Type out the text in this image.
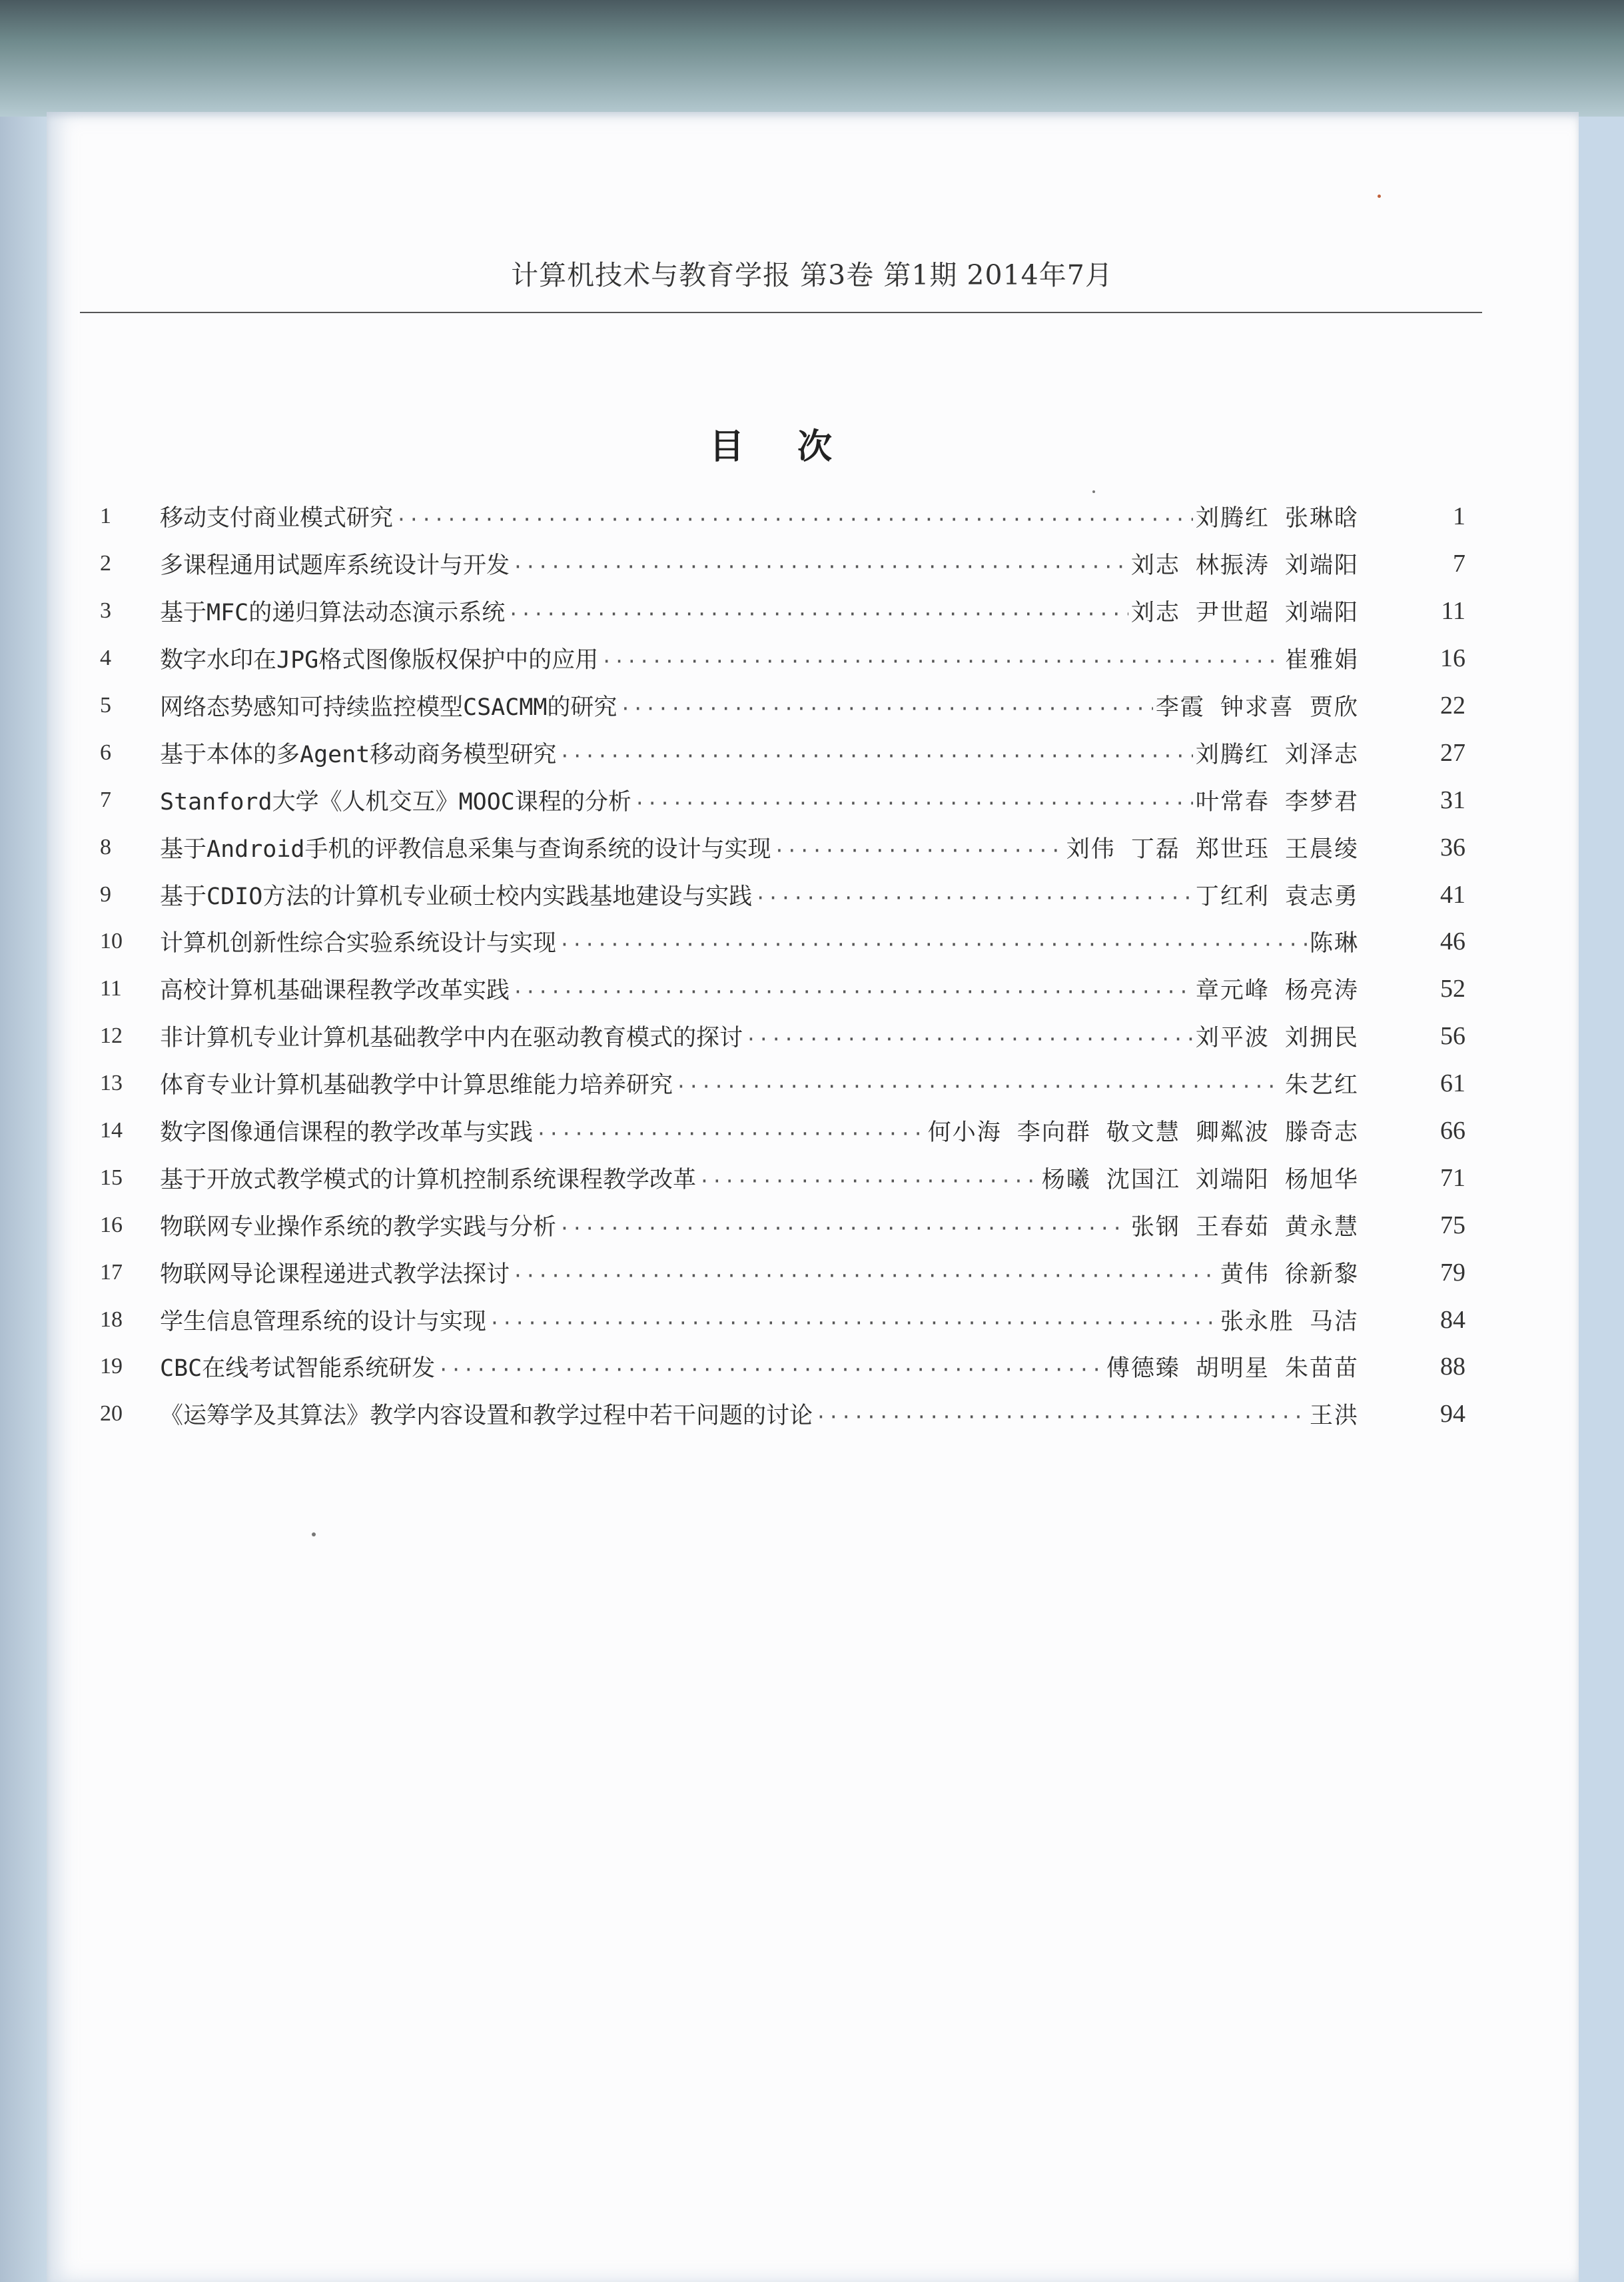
计算机技术与教育学报 第3卷 第1期 2014年7月
目次
1	移动支付商业模式研究 ·····	刘腾红 张琳晗	1
2	多课程通用试题库系统设计与开发 ·····	刘志 林振涛 刘端阳	7
3	基于MFC的递归算法动态演示系统 ·····	刘志 尹世超 刘端阳	11
4	数字水印在JPG格式图像版权保护中的应用 ·····	崔雅娟	16
5	网络态势感知可持续监控模型CSACMM的研究 ·····	李霞 钟求喜 贾欣	22
6	基于本体的多Agent移动商务模型研究 ·····	刘腾红 刘泽志	27
7	Stanford大学《人机交互》MOOC课程的分析 ·····	叶常春 李梦君	31
8	基于Android手机的评教信息采集与查询系统的设计与实现 ·····	刘伟 丁磊 郑世珏 王晨绫	36
9	基于CDIO方法的计算机专业硕士校内实践基地建设与实践 ·····	丁红利 袁志勇	41
10	计算机创新性综合实验系统设计与实现 ·····	陈琳	46
11	高校计算机基础课程教学改革实践 ·····	章元峰 杨亮涛	52
12	非计算机专业计算机基础教学中内在驱动教育模式的探讨 ·····	刘平波 刘拥民	56
13	体育专业计算机基础教学中计算思维能力培养研究 ·····	朱艺红	61
14	数字图像通信课程的教学改革与实践 ·····	何小海 李向群 敬文慧 卿粼波 滕奇志	66
15	基于开放式教学模式的计算机控制系统课程教学改革 ·····	杨曦 沈国江 刘端阳 杨旭华	71
16	物联网专业操作系统的教学实践与分析 ·····	张钢 王春茹 黄永慧	75
17	物联网导论课程递进式教学法探讨 ·····	黄伟 徐新黎	79
18	学生信息管理系统的设计与实现 ·····	张永胜 马洁	84
19	CBC在线考试智能系统研发 ·····	傅德臻 胡明星 朱苗苗	88
20	《运筹学及其算法》教学内容设置和教学过程中若干问题的讨论 ·····	王洪	94
